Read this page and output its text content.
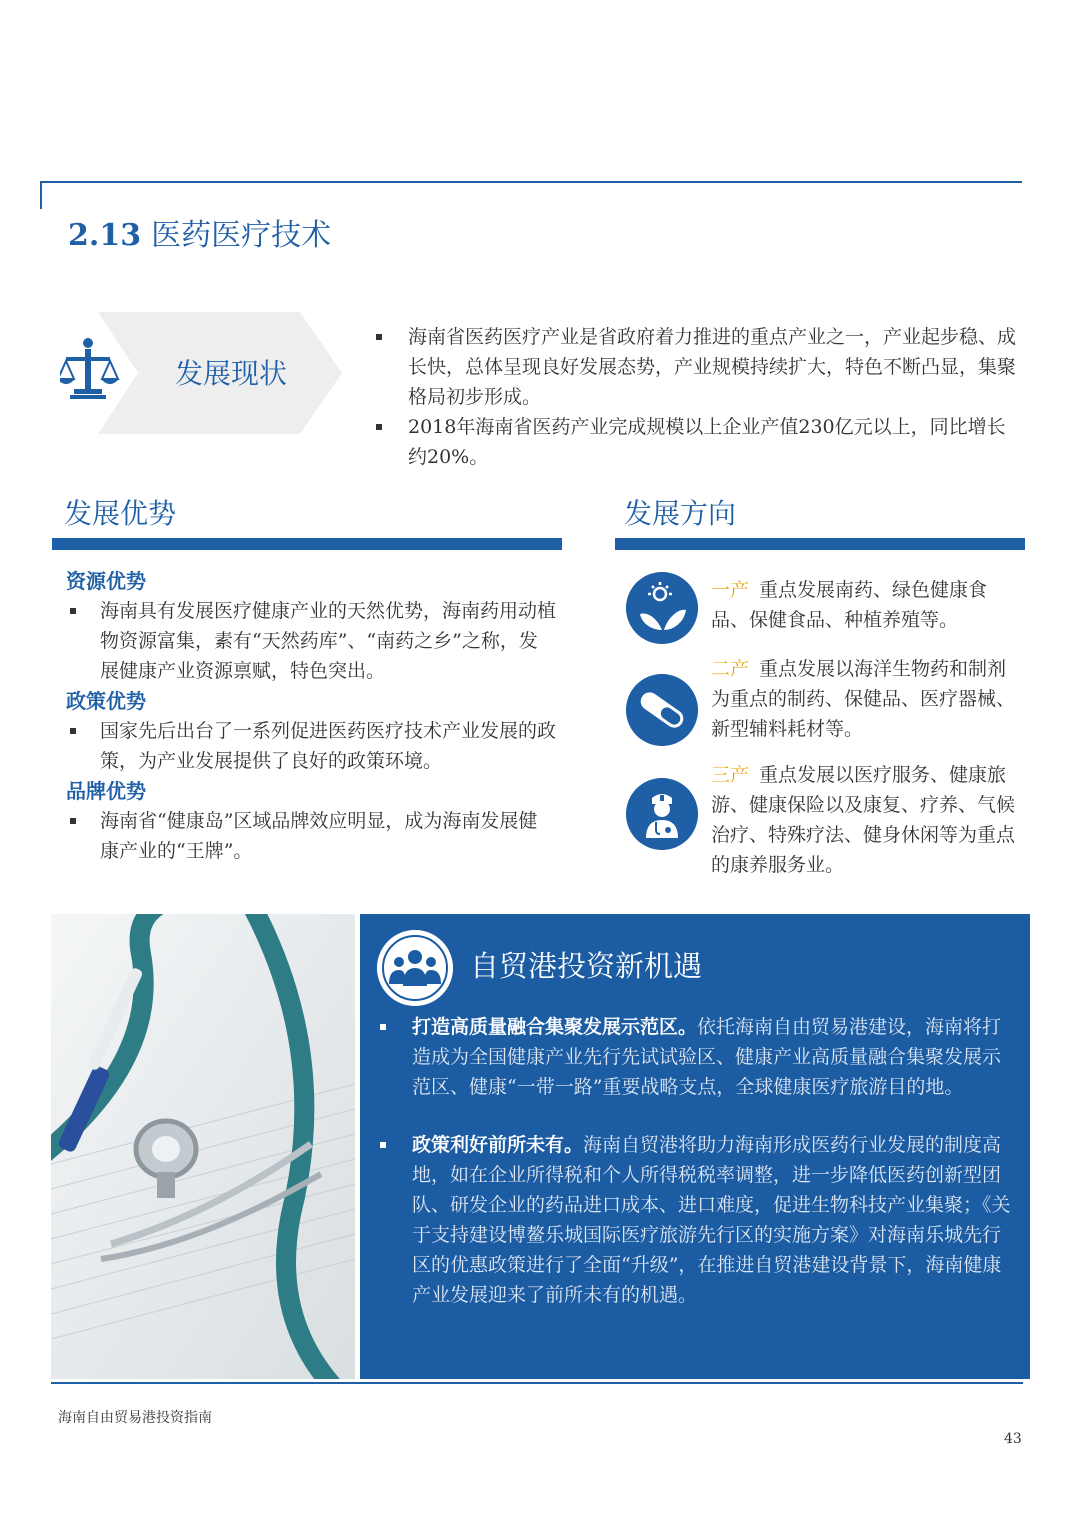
2.13 医药医疗技术
发展现状
海南省医药医疗产业是省政府着力推进的重点产业之一，产业起步稳、成长快，总体呈现良好发展态势，产业规模持续扩大，特色不断凸显，集聚格局初步形成。
2018年海南省医药产业完成规模以上企业产值230亿元以上，同比增长约20%。
发展优势
资源优势
海南具有发展医疗健康产业的天然优势，海南药用动植物资源富集，素有“天然药库”、“南药之乡”之称，发展健康产业资源禀赋，特色突出。
政策优势
国家先后出台了一系列促进医药医疗技术产业发展的政策，为产业发展提供了良好的政策环境。
品牌优势
海南省“健康岛”区域品牌效应明显，成为海南发展健康产业的“王牌”。
发展方向
一产 重点发展南药、绿色健康食品、保健食品、种植养殖等。
二产 重点发展以海洋生物药和制剂为重点的制药、保健品、医疗器械、新型辅料耗材等。
三产 重点发展以医疗服务、健康旅游、健康保险以及康复、疗养、气候治疗、特殊疗法、健身休闲等为重点的康养服务业。
自贸港投资新机遇
打造高质量融合集聚发展示范区。依托海南自由贸易港建设，海南将打造成为全国健康产业先行先试试验区、健康产业高质量融合集聚发展示范区、健康“一带一路”重要战略支点，全球健康医疗旅游目的地。
政策利好前所未有。海南自贸港将助力海南形成医药行业发展的制度高地，如在企业所得税和个人所得税税率调整，进一步降低医药创新型团队、研发企业的药品进口成本、进口难度，促进生物科技产业集聚；《关于支持建设博鳌乐城国际医疗旅游先行区的实施方案》对海南乐城先行区的优惠政策进行了全面“升级”，在推进自贸港建设背景下，海南健康产业发展迎来了前所未有的机遇。
海南自由贸易港投资指南
43
